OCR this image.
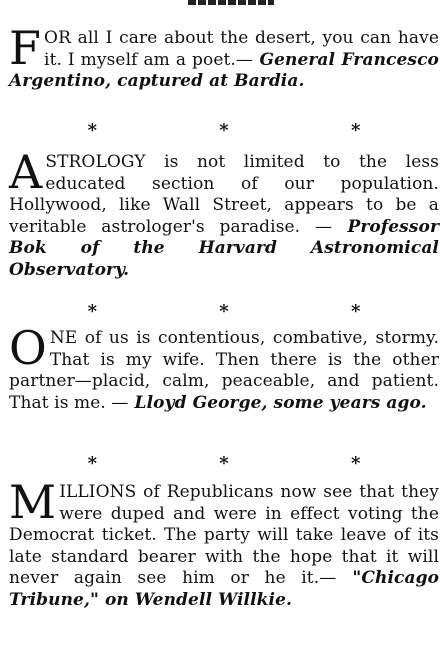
FOR all I care about the desert, you can have it. I myself am a poet.— General Francesco Argentino, captured at Bardia.
* * *
ASTROLOGY is not limited to the less educated section of our population. Hollywood, like Wall Street, appears to be a veritable astrologer's paradise. — Professor Bok of the Harvard Astronomical Observatory.
* * *
ONE of us is contentious, combative, stormy. That is my wife. Then there is the other partner—placid, calm, peaceable, and patient. That is me. — Lloyd George, some years ago.
* * *
MILLIONS of Republicans now see that they were duped and were in effect voting the Democrat ticket. The party will take leave of its late standard bearer with the hope that it will never again see him or he it.— "Chicago Tribune," on Wendell Willkie.
